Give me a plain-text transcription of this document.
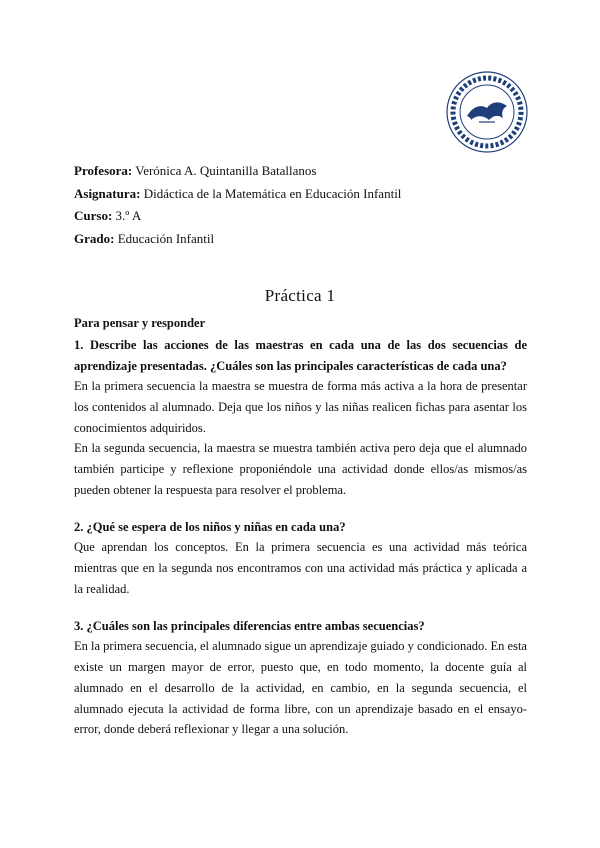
Profesora: Verónica A. Quintanilla Batallanos
Asignatura: Didáctica de la Matemática en Educación Infantil
Curso: 3.º A
Grado: Educación Infantil
Práctica 1
Para pensar y responder

1. Describe las acciones de las maestras en cada una de las dos secuencias de aprendizaje presentadas. ¿Cuáles son las principales características de cada una?

En la primera secuencia la maestra se muestra de forma más activa a la hora de presentar los contenidos al alumnado. Deja que los niños y las niñas realicen fichas para asentar los conocimientos adquiridos.

En la segunda secuencia, la maestra se muestra también activa pero deja que el alumnado también participe y reflexione proponiéndole una actividad donde ellos/as mismos/as pueden obtener la respuesta para resolver el problema.

2. ¿Qué se espera de los niños y niñas en cada una?

Que aprendan los conceptos. En la primera secuencia es una actividad más teórica mientras que en la segunda nos encontramos con una actividad más práctica y aplicada a la realidad.

3. ¿Cuáles son las principales diferencias entre ambas secuencias?

En la primera secuencia, el alumnado sigue un aprendizaje guiado y condicionado. En esta existe un margen mayor de error, puesto que, en todo momento, la docente guía al alumnado en el desarrollo de la actividad, en cambio, en la segunda secuencia, el alumnado ejecuta la actividad de forma libre, con un aprendizaje basado en el ensayo-error, donde deberá reflexionar y llegar a una solución.
